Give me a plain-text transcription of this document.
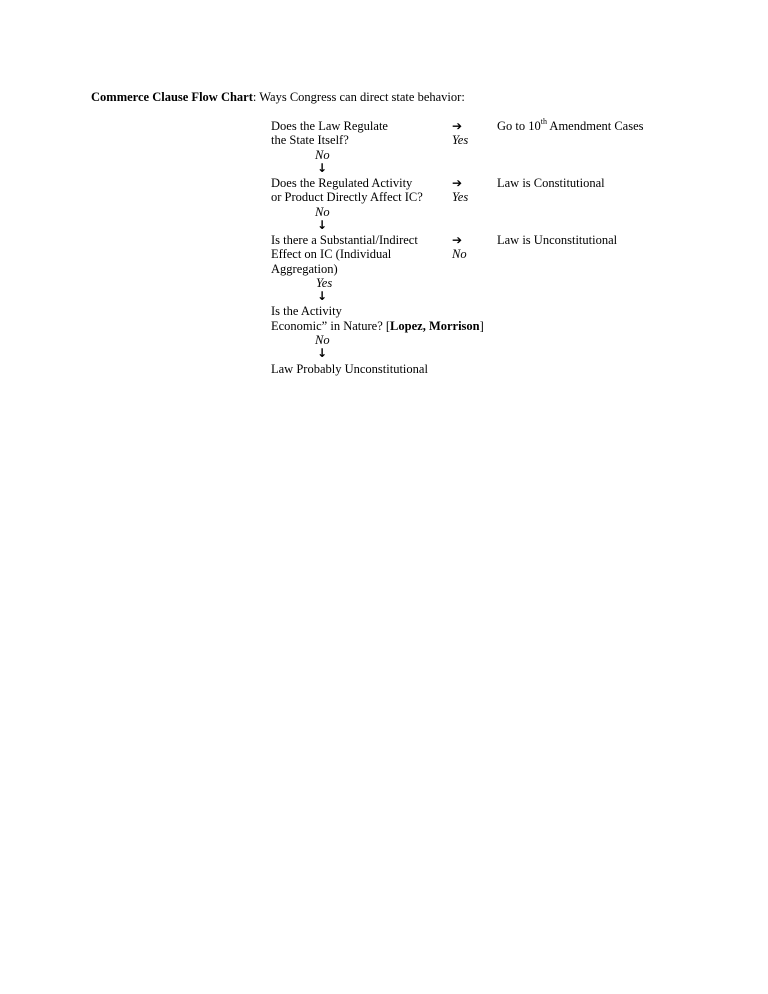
Commerce Clause Flow Chart: Ways Congress can direct state behavior:
Does the Law Regulate
the State Itself?
➔
Yes
Go to 10th Amendment Cases
No
↓
Does the Regulated Activity
or Product Directly Affect IC?
➔
Yes
Law is Constitutional
No
↓
Is there a Substantial/Indirect
Effect on IC (Individual
Aggregation)
➔
No
Law is Unconstitutional
Yes
↓
Is the Activity
Economic” in Nature? [Lopez, Morrison]
No
↓
Law Probably Unconstitutional
